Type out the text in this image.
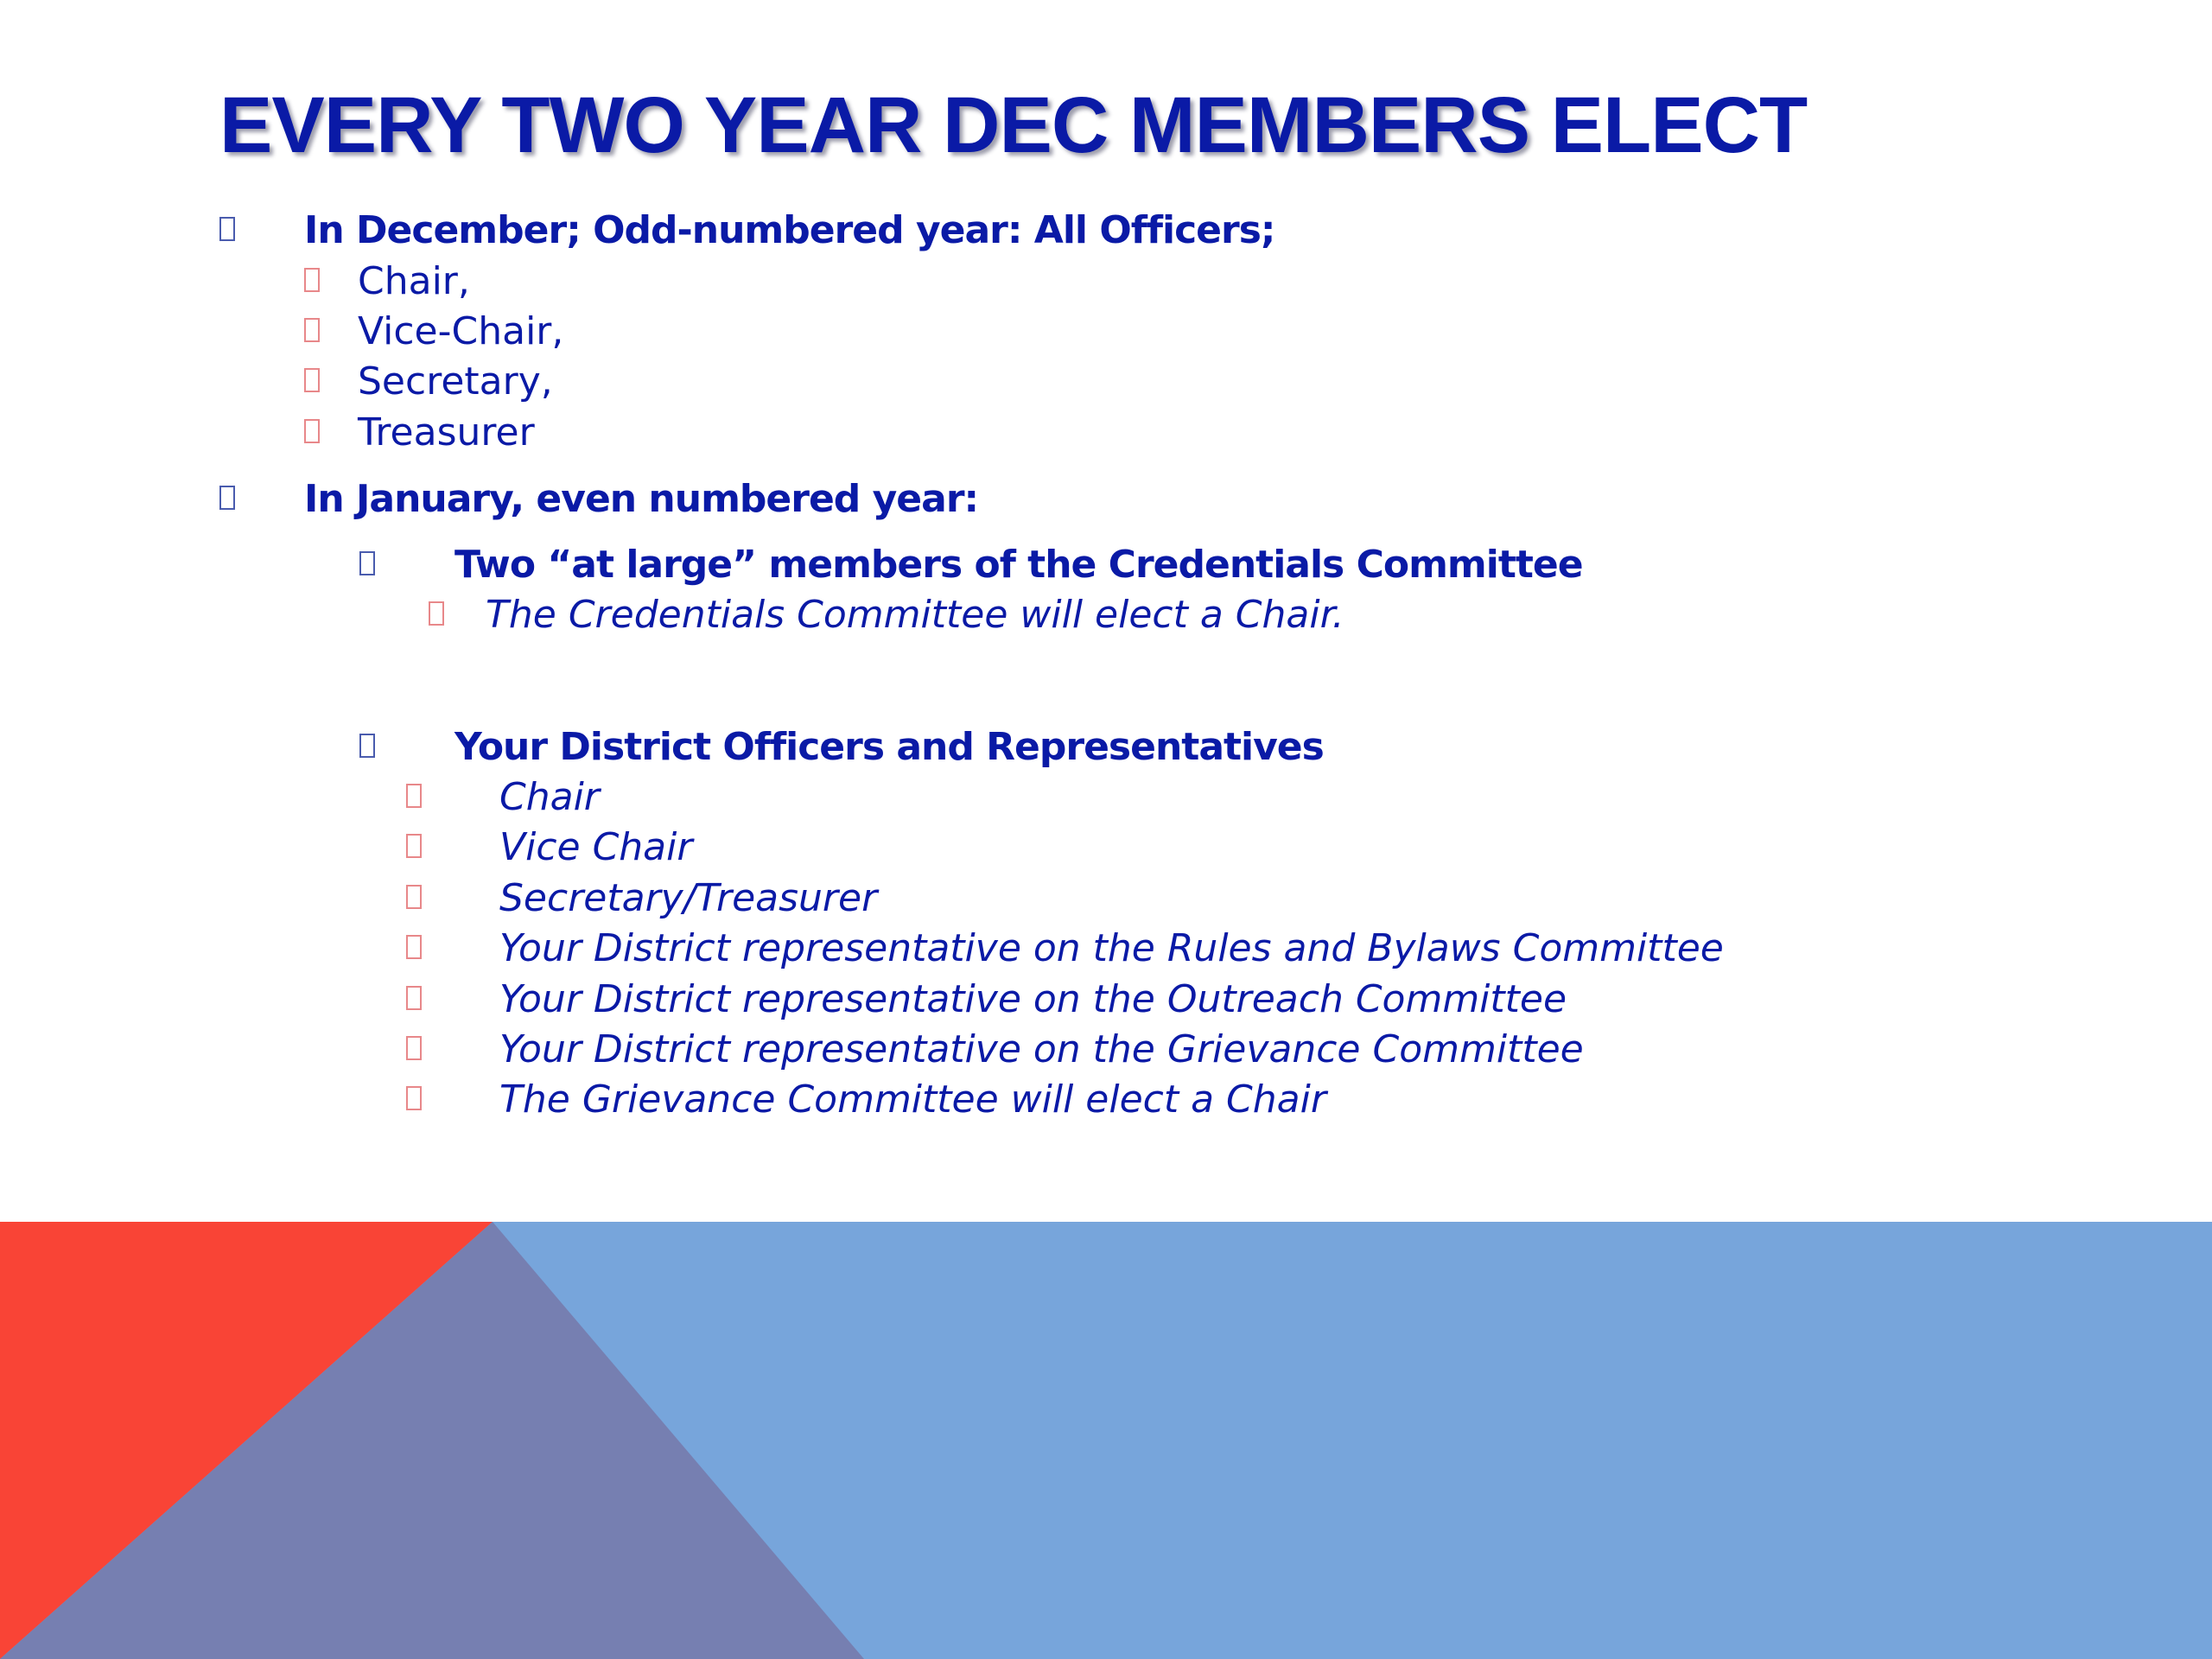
EVERY TWO YEAR DEC MEMBERS ELECT
In December; Odd-numbered year: All Officers;
Chair,
Vice-Chair,
Secretary,
Treasurer
In January, even numbered year:
Two “at large” members of the Credentials Committee
The Credentials Committee will elect a Chair.
Your District Officers and Representatives
Chair
Vice Chair
Secretary/Treasurer
Your District representative on the Rules and Bylaws Committee
Your District representative on the Outreach Committee
Your District representative on the Grievance Committee
The Grievance Committee will elect a Chair
